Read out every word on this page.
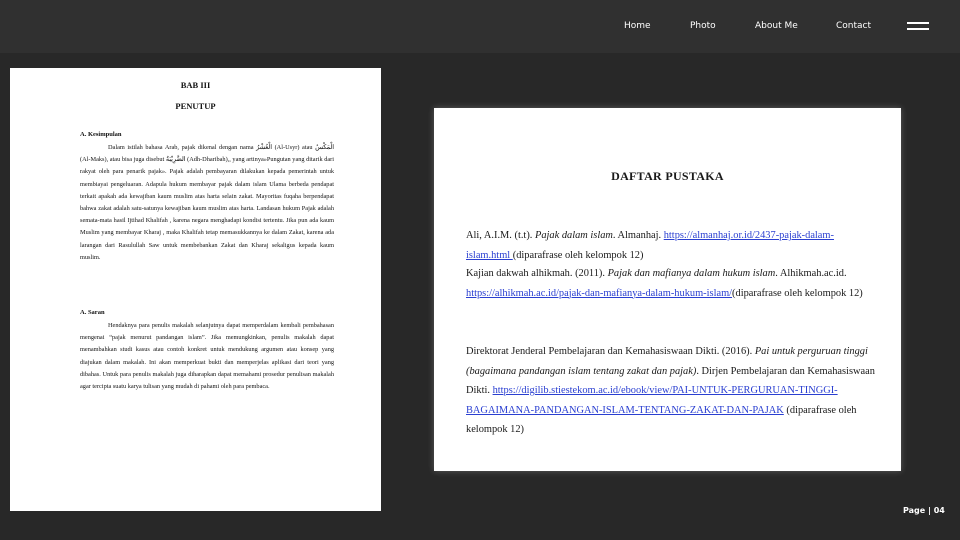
Home	Photo	About Me	Contact
BAB III
PENUTUP
A. Kesimpulan

Dalam istilah bahasa Arab, pajak dikenal dengan nama الْعُشْرُ (Al-Usyr) atau الْمَكْسُ (Al-Maks), atau bisa juga disebut الضَّرِيْبَةُ (Adh-Dharibah),, yang artinya»Pungutan yang ditarik dari rakyat oleh para penarik pajak». Pajak adalah pembayaran dilakukan kepada pemerintah untuk membiayai pengeluaran. Adapula hukum membayar pajak dalam islam Ulama berbeda pendapat terkait apakah ada kewajiban kaum muslim atas harta selain zakat. Mayoritas fuqaha berpendapat bahwa zakat adalah satu-satunya kewajiban kaum muslim atas harta. Landasan hukum Pajak adalah semata-mata hasil Ijtihad Khalifah , karena negara menghadapi kondisi tertentu. Jika pun ada kaum Muslim yang membayar Kharaj , maka Khalifah tetap memasukkannya ke dalam Zakat, karena ada larangan dari Rasulullah Saw untuk membebankan Zakat dan Kharaj sekaligus kepada kaum muslim.

A. Saran

Hendaknya para penulis makalah selanjutnya dapat memperdalam kembali pembahasan mengenai “pajak menurut pandangan islam”. Jika memungkinkan, penulis makalah dapat menambahkan studi kasus atau contoh konkret untuk mendukung argumen atau konsep yang diajukan dalam makalah. Ini akan memperkuat bukti dan memperjelas aplikasi dari teori yang dibahas. Untuk para penulis makalah juga diharapkan dapat memahami prosedur penulisan makalah agar tercipta suatu karya tulisan yang mudah di pahami oleh para pembaca.

DAFTAR PUSTAKA

Ali, A.I.M. (t.t). Pajak dalam islam. Almanhaj. https://almanhaj.or.id/2437-pajak-dalam-islam.html (diparafrase oleh kelompok 12)

Kajian dakwah alhikmah. (2011). Pajak dan mafianya dalam hukum islam. Alhikmah.ac.id. https://alhikmah.ac.id/pajak-dan-mafianya-dalam-hukum-islam/(diparafrase oleh kelompok 12)

Direktorat Jenderal Pembelajaran dan Kemahasiswaan Dikti. (2016). Pai untuk perguruan tinggi (bagaimana pandangan islam tentang zakat dan pajak). Dirjen Pembelajaran dan Kemahasiswaan Dikti. https://digilib.stiestekom.ac.id/ebook/view/PAI-UNTUK-PERGURUAN-TINGGI-BAGAIMANA-PANDANGAN-ISLAM-TENTANG-ZAKAT-DAN-PAJAK (diparafrase oleh kelompok 12)

Page | 04
